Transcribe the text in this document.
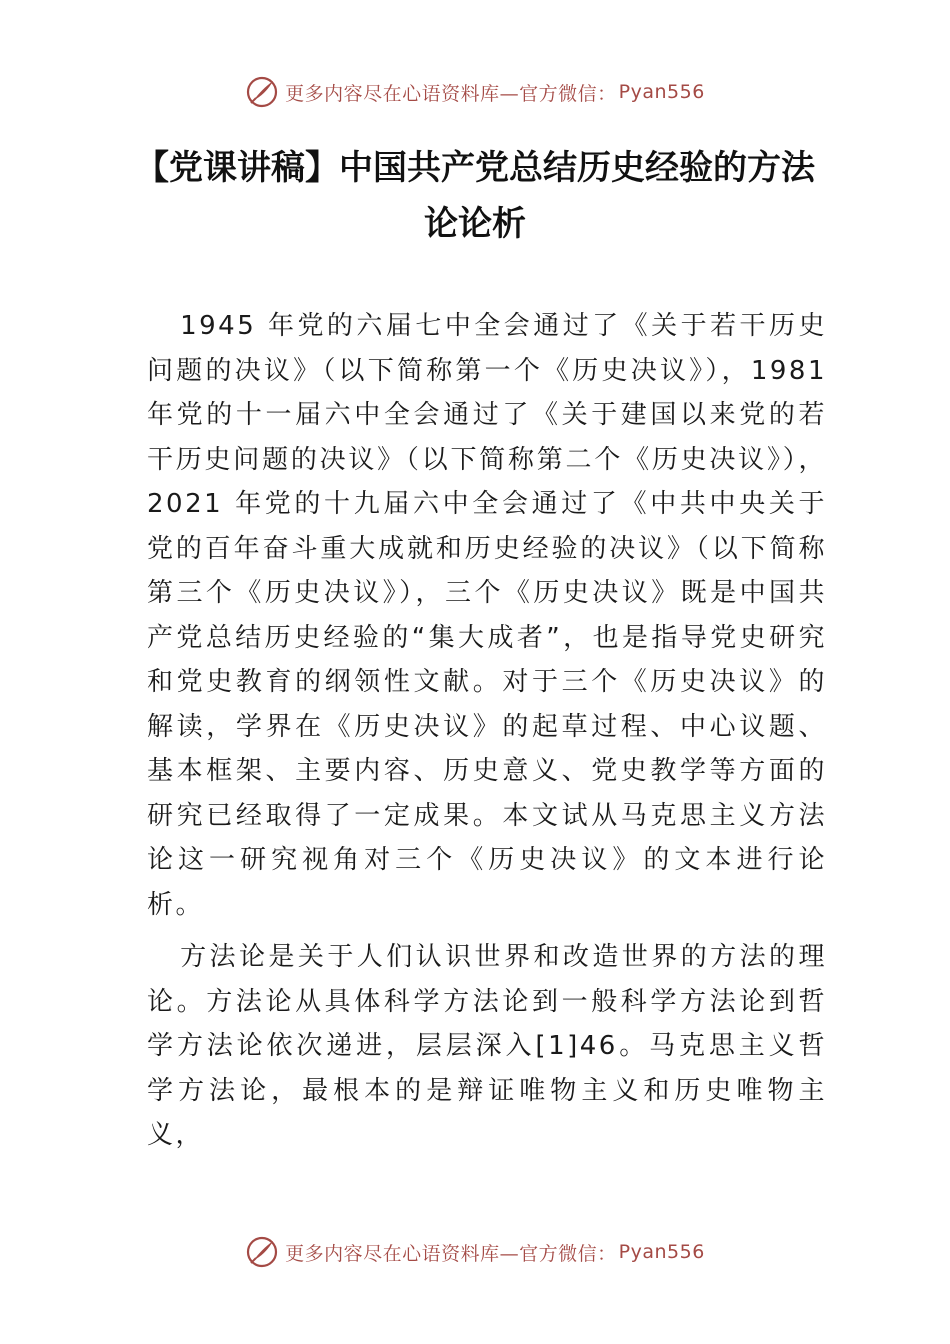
更多内容尽在心语资料库—官方微信： Pyan556
【党课讲稿】中国共产党总结历史经验的方法
论论析

1945 年党的六届七中全会通过了《关于若干历史问题的决议》（以下简称第一个《历史决议》），1981 年党的十一届六中全会通过了《关于建国以来党的若干历史问题的决议》（以下简称第二个《历史决议》），2021 年党的十九届六中全会通过了《中共中央关于党的百年奋斗重大成就和历史经验的决议》（以下简称第三个《历史决议》），三个《历史决议》既是中国共产党总结历史经验的“集大成者”，也是指导党史研究和党史教育的纲领性文献。对于三个《历史决议》的解读，学界在《历史决议》的起草过程、中心议题、基本框架、主要内容、历史意义、党史教学等方面的研究已经取得了一定成果。本文试从马克思主义方法论这一研究视角对三个《历史决议》的文本进行论析。

方法论是关于人们认识世界和改造世界的方法的理论。方法论从具体科学方法论到一般科学方法论到哲学方法论依次递进，层层深入[1]46。马克思主义哲学方法论，最根本的是辩证唯物主义和历史唯物主义，

更多内容尽在心语资料库—官方微信： Pyan556
